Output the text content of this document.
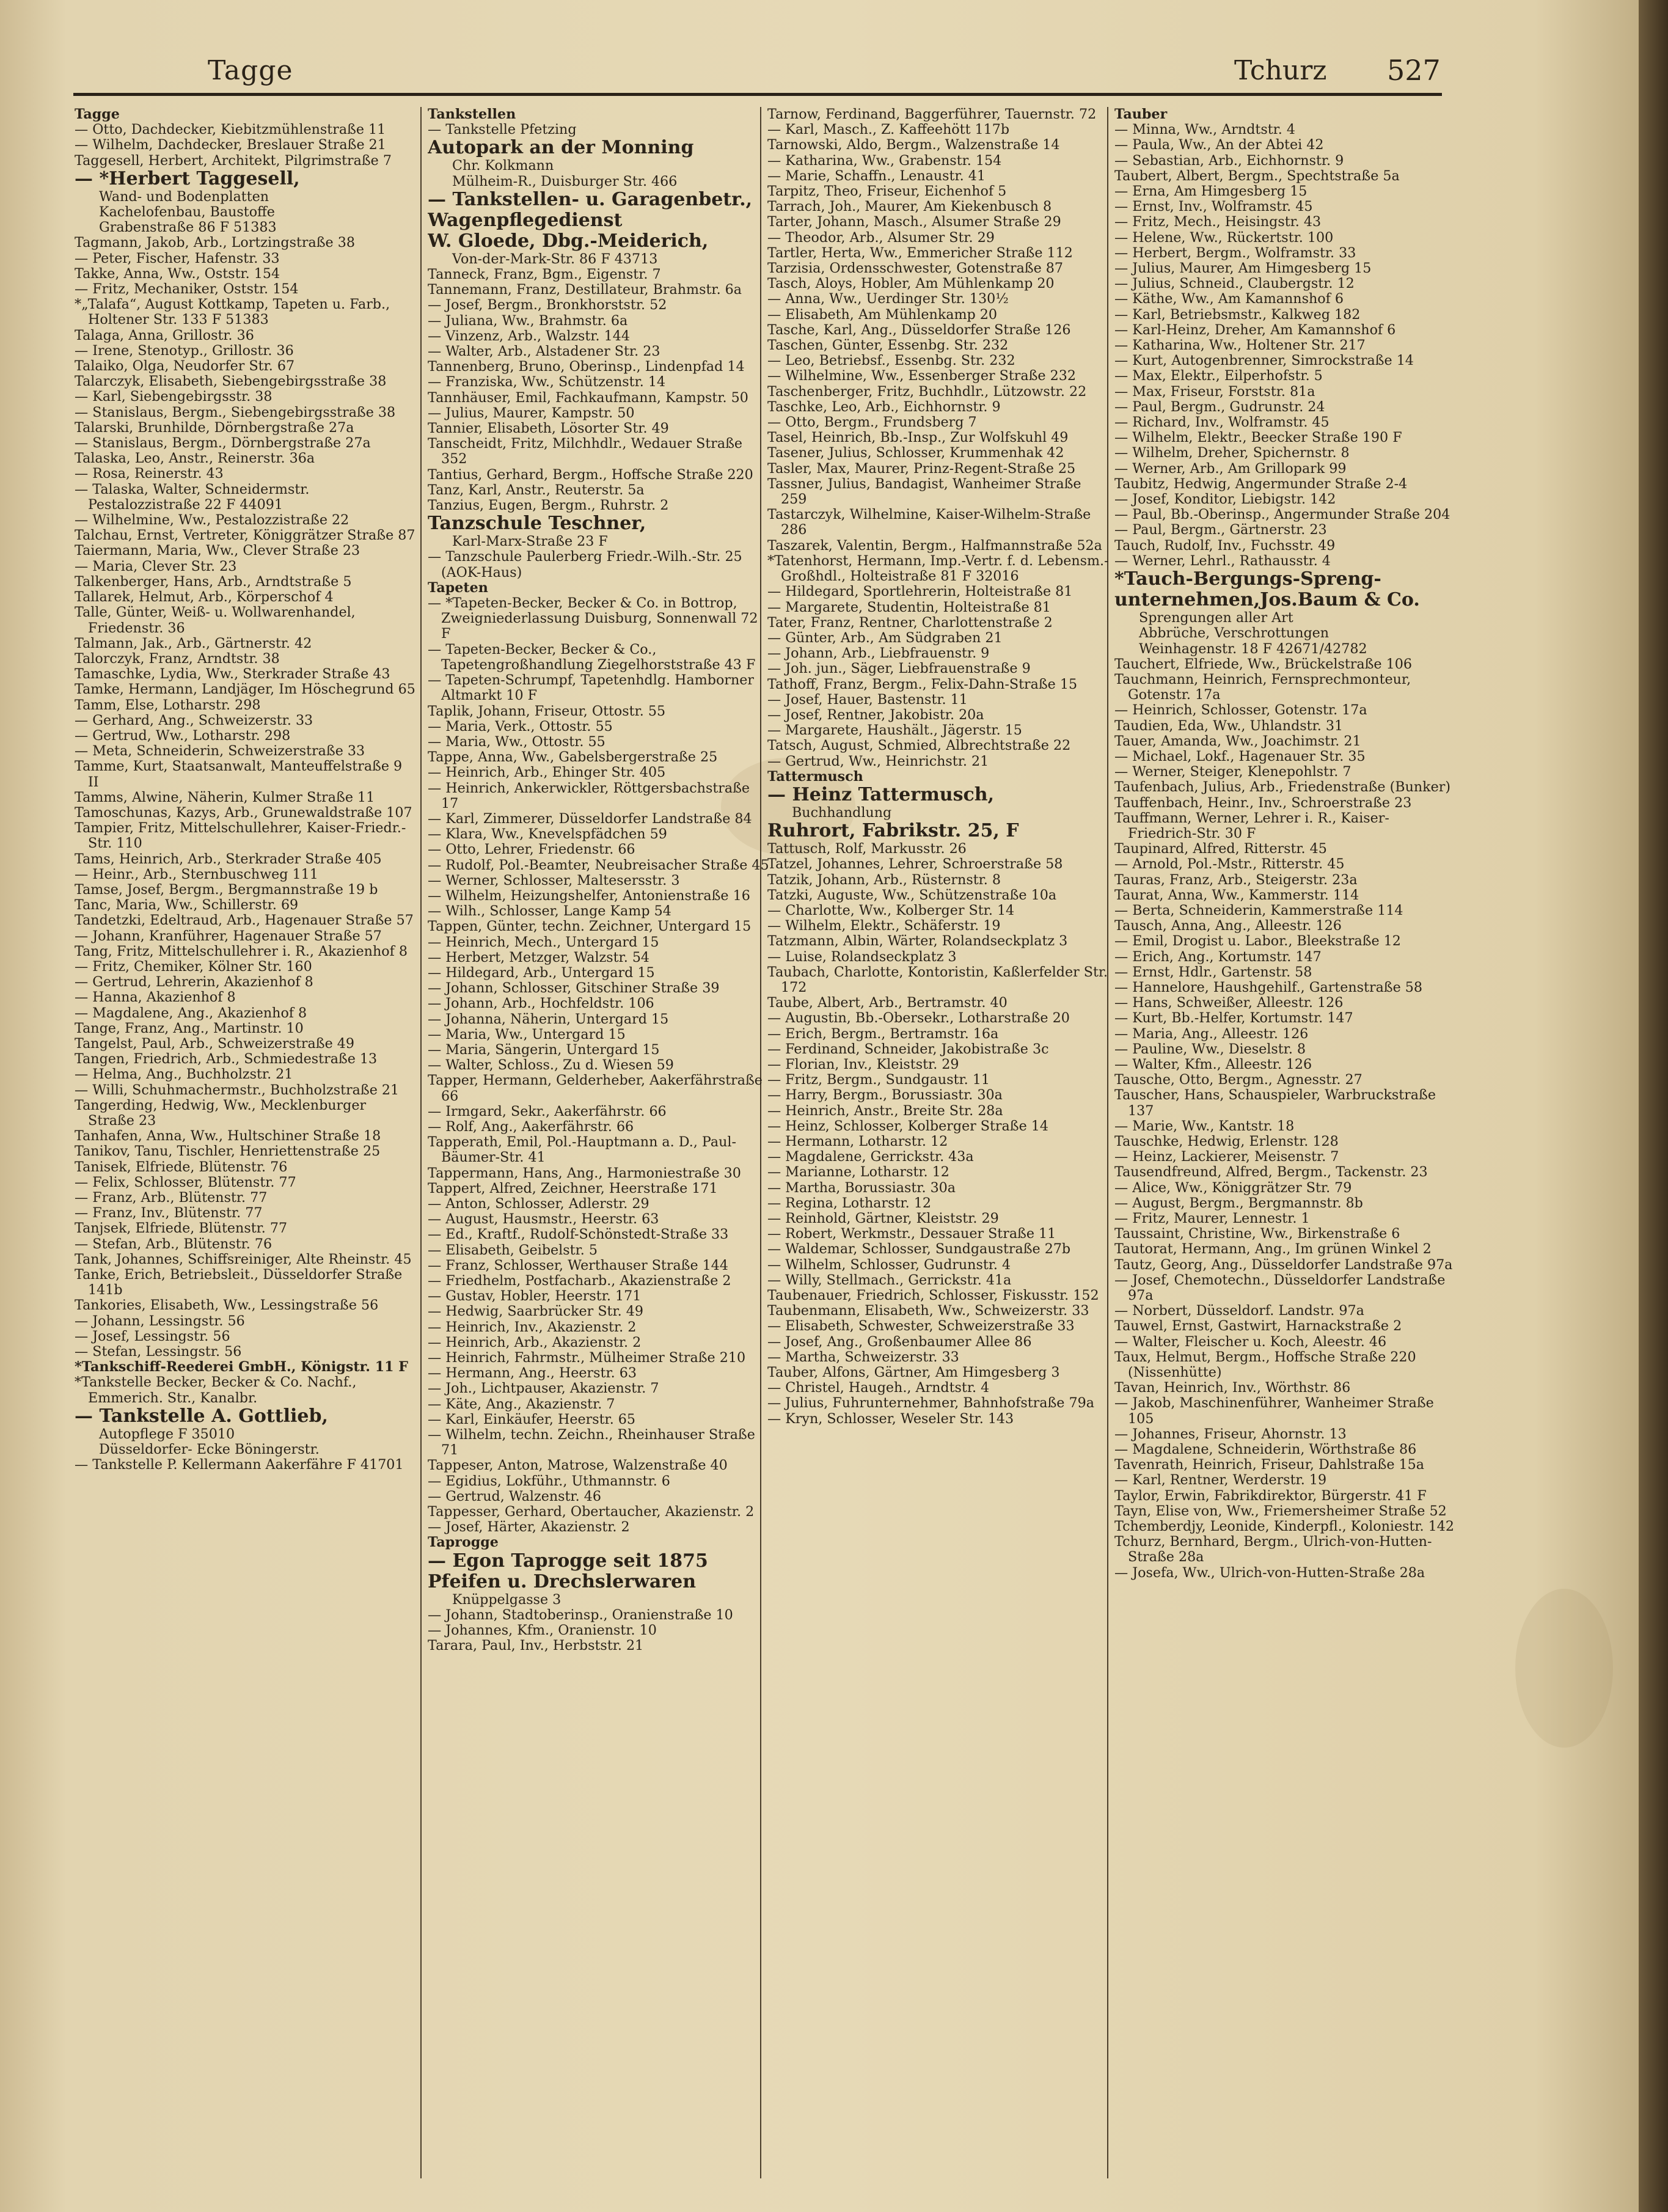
Tagge	Tchurz 527

Tagge

— Otto, Dachdecker, Kiebitzmühlenstraße 11

— Wilhelm, Dachdecker, Breslauer Straße 21

Taggesell, Herbert, Architekt, Pilgrimstraße 7

— *Herbert Taggesell,

Wand- und Bodenplatten

Kachelofenbau, Baustoffe

Grabenstraße 86 F 51383

Tagmann, Jakob, Arb., Lortzingstraße 38

— Peter, Fischer, Hafenstr. 33

Takke, Anna, Ww., Oststr. 154

— Fritz, Mechaniker, Oststr. 154

*„Talafa“, August Kottkamp, Tapeten u. Farb., Holtener Str. 133 F 51383

Talaga, Anna, Grillostr. 36

— Irene, Stenotyp., Grillostr. 36

Talaiko, Olga, Neudorfer Str. 67

Talarczyk, Elisabeth, Siebengebirgsstraße 38

— Karl, Siebengebirgsstr. 38

— Stanislaus, Bergm., Siebengebirgsstraße 38

Talarski, Brunhilde, Dörnbergstraße 27a

— Stanislaus, Bergm., Dörnbergstraße 27a

Talaska, Leo, Anstr., Reinerstr. 36a

— Rosa, Reinerstr. 43

— Talaska, Walter, Schneidermstr. Pestalozzistraße 22 F 44091

— Wilhelmine, Ww., Pestalozzistraße 22

Talchau, Ernst, Vertreter, Königgrätzer Straße 87

Taiermann, Maria, Ww., Clever Straße 23

— Maria, Clever Str. 23

Talkenberger, Hans, Arb., Arndtstraße 5

Tallarek, Helmut, Arb., Körperschof 4

Talle, Günter, Weiß- u. Wollwarenhandel, Friedenstr. 36

Talmann, Jak., Arb., Gärtnerstr. 42

Talorczyk, Franz, Arndtstr. 38

Tamaschke, Lydia, Ww., Sterkrader Straße 43

Tamke, Hermann, Landjäger, Im Höschegrund 65

Tamm, Else, Lotharstr. 298

— Gerhard, Ang., Schweizerstr. 33

— Gertrud, Ww., Lotharstr. 298

— Meta, Schneiderin, Schweizerstraße 33

Tamme, Kurt, Staatsanwalt, Manteuffelstraße 9 II

Tamms, Alwine, Näherin, Kulmer Straße 11

Tamoschunas, Kazys, Arb., Grunewaldstraße 107

Tampier, Fritz, Mittelschullehrer, Kaiser-Friedr.-Str. 110

Tams, Heinrich, Arb., Sterkrader Straße 405

— Heinr., Arb., Sternbuschweg 111

Tamse, Josef, Bergm., Bergmannstraße 19 b

Tanc, Maria, Ww., Schillerstr. 69

Tandetzki, Edeltraud, Arb., Hagenauer Straße 57

— Johann, Kranführer, Hagenauer Straße 57

Tang, Fritz, Mittelschullehrer i. R., Akazienhof 8

— Fritz, Chemiker, Kölner Str. 160

— Gertrud, Lehrerin, Akazienhof 8

— Hanna, Akazienhof 8

— Magdalene, Ang., Akazienhof 8

Tange, Franz, Ang., Martinstr. 10

Tangelst, Paul, Arb., Schweizerstraße 49

Tangen, Friedrich, Arb., Schmiedestraße 13

— Helma, Ang., Buchholzstr. 21

— Willi, Schuhmachermstr., Buchholzstraße 21

Tangerding, Hedwig, Ww., Mecklenburger Straße 23

Tanhafen, Anna, Ww., Hultschiner Straße 18

Tanikov, Tanu, Tischler, Henriettenstraße 25

Tanisek, Elfriede, Blütenstr. 76

— Felix, Schlosser, Blütenstr. 77

— Franz, Arb., Blütenstr. 77

— Franz, Inv., Blütenstr. 77

Tanjsek, Elfriede, Blütenstr. 77

— Stefan, Arb., Blütenstr. 76

Tank, Johannes, Schiffsreiniger, Alte Rheinstr. 45

Tanke, Erich, Betriebsleit., Düsseldorfer Straße 141b

Tankories, Elisabeth, Ww., Lessingstraße 56

— Johann, Lessingstr. 56

— Josef, Lessingstr. 56

— Stefan, Lessingstr. 56

*Tankschiff-Reederei GmbH., Königstr. 11 F

*Tankstelle Becker, Becker & Co. Nachf., Emmerich. Str., Kanalbr.

— Tankstelle A. Gottlieb,

Autopflege F 35010

Düsseldorfer- Ecke Böningerstr.

— Tankstelle P. Kellermann Aakerfähre F 41701

Tankstellen

— Tankstelle Pfetzing

Autopark an der Monning

Chr. Kolkmann

Mülheim-R., Duisburger Str. 466

— Tankstellen- u. Garagenbetr.,

Wagenpflegedienst

W. Gloede, Dbg.-Meiderich,

Von-der-Mark-Str. 86 F 43713

Tanneck, Franz, Bgm., Eigenstr. 7

Tannemann, Franz, Destillateur, Brahmstr. 6a

— Josef, Bergm., Bronkhorststr. 52

— Juliana, Ww., Brahmstr. 6a

— Vinzenz, Arb., Walzstr. 144

— Walter, Arb., Alstadener Str. 23

Tannenberg, Bruno, Oberinsp., Lindenpfad 14

— Franziska, Ww., Schützenstr. 14

Tannhäuser, Emil, Fachkaufmann, Kampstr. 50

— Julius, Maurer, Kampstr. 50

Tannier, Elisabeth, Lösorter Str. 49

Tanscheidt, Fritz, Milchhdlr., Wedauer Straße 352

Tantius, Gerhard, Bergm., Hoffsche Straße 220

Tanz, Karl, Anstr., Reuterstr. 5a

Tanzius, Eugen, Bergm., Ruhrstr. 2

Tanzschule Teschner,

Karl-Marx-Straße 23 F

— Tanzschule Paulerberg Friedr.-Wilh.-Str. 25 (AOK-Haus)

Tapeten

— *Tapeten-Becker, Becker & Co. in Bottrop, Zweigniederlassung Duisburg, Sonnenwall 72 F

— Tapeten-Becker, Becker & Co., Tapetengroßhandlung Ziegelhorststraße 43 F

— Tapeten-Schrumpf, Tapetenhdlg. Hamborner Altmarkt 10 F

Taplik, Johann, Friseur, Ottostr. 55

— Maria, Verk., Ottostr. 55

— Maria, Ww., Ottostr. 55

Tappe, Anna, Ww., Gabelsbergerstraße 25

— Heinrich, Arb., Ehinger Str. 405

— Heinrich, Ankerwickler, Röttgersbachstraße 17

— Karl, Zimmerer, Düsseldorfer Landstraße 84

— Klara, Ww., Knevelspfädchen 59

— Otto, Lehrer, Friedenstr. 66

— Rudolf, Pol.-Beamter, Neubreisacher Straße 45

— Werner, Schlosser, Maltesersstr. 3

— Wilhelm, Heizungshelfer, Antonienstraße 16

— Wilh., Schlosser, Lange Kamp 54

Tappen, Günter, techn. Zeichner, Untergard 15

— Heinrich, Mech., Untergard 15

— Herbert, Metzger, Walzstr. 54

— Hildegard, Arb., Untergard 15

— Johann, Schlosser, Gitschiner Straße 39

— Johann, Arb., Hochfeldstr. 106

— Johanna, Näherin, Untergard 15

— Maria, Ww., Untergard 15

— Maria, Sängerin, Untergard 15

— Walter, Schloss., Zu d. Wiesen 59

Tapper, Hermann, Gelderheber, Aakerfährstraße 66

— Irmgard, Sekr., Aakerfährstr. 66

— Rolf, Ang., Aakerfährstr. 66

Tapperath, Emil, Pol.-Hauptmann a. D., Paul-Bäumer-Str. 41

Tappermann, Hans, Ang., Harmoniestraße 30

Tappert, Alfred, Zeichner, Heerstraße 171

— Anton, Schlosser, Adlerstr. 29

— August, Hausmstr., Heerstr. 63

— Ed., Kraftf., Rudolf-Schönstedt-Straße 33

— Elisabeth, Geibelstr. 5

— Franz, Schlosser, Werthauser Straße 144

— Friedhelm, Postfacharb., Akazienstraße 2

— Gustav, Hobler, Heerstr. 171

— Hedwig, Saarbrücker Str. 49

— Heinrich, Inv., Akazienstr. 2

— Heinrich, Arb., Akazienstr. 2

— Heinrich, Fahrmstr., Mülheimer Straße 210

— Hermann, Ang., Heerstr. 63

— Joh., Lichtpauser, Akazienstr. 7

— Käte, Ang., Akazienstr. 7

— Karl, Einkäufer, Heerstr. 65

— Wilhelm, techn. Zeichn., Rheinhauser Straße 71

Tappeser, Anton, Matrose, Walzenstraße 40

— Egidius, Lokführ., Uthmannstr. 6

— Gertrud, Walzenstr. 46

Tappesser, Gerhard, Obertaucher, Akazienstr. 2

— Josef, Härter, Akazienstr. 2

Taprogge

— Egon Taprogge seit 1875

Pfeifen u. Drechslerwaren

Knüppelgasse 3

— Johann, Stadtoberinsp., Oranienstraße 10

— Johannes, Kfm., Oranienstr. 10

Tarara, Paul, Inv., Herbststr. 21

Tarnow, Ferdinand, Baggerführer, Tauernstr. 72

— Karl, Masch., Z. Kaffeehött 117b

Tarnowski, Aldo, Bergm., Walzenstraße 14

— Katharina, Ww., Grabenstr. 154

— Marie, Schaffn., Lenaustr. 41

Tarpitz, Theo, Friseur, Eichenhof 5

Tarrach, Joh., Maurer, Am Kiekenbusch 8

Tarter, Johann, Masch., Alsumer Straße 29

— Theodor, Arb., Alsumer Str. 29

Tartler, Herta, Ww., Emmericher Straße 112

Tarzisia, Ordensschwester, Gotenstraße 87

Tasch, Aloys, Hobler, Am Mühlenkamp 20

— Anna, Ww., Uerdinger Str. 130½

— Elisabeth, Am Mühlenkamp 20

Tasche, Karl, Ang., Düsseldorfer Straße 126

Taschen, Günter, Essenbg. Str. 232

— Leo, Betriebsf., Essenbg. Str. 232

— Wilhelmine, Ww., Essenberger Straße 232

Taschenberger, Fritz, Buchhdlr., Lützowstr. 22

Taschke, Leo, Arb., Eichhornstr. 9

— Otto, Bergm., Frundsberg 7

Tasel, Heinrich, Bb.-Insp., Zur Wolfskuhl 49

Tasener, Julius, Schlosser, Krummenhak 42

Tasler, Max, Maurer, Prinz-Regent-Straße 25

Tassner, Julius, Bandagist, Wanheimer Straße 259

Tastarczyk, Wilhelmine, Kaiser-Wilhelm-Straße 286

Taszarek, Valentin, Bergm., Halfmannstraße 52a

*Tatenhorst, Hermann, Imp.-Vertr. f. d. Lebensm.-Großhdl., Holteistraße 81 F 32016

— Hildegard, Sportlehrerin, Holteistraße 81

— Margarete, Studentin, Holteistraße 81

Tater, Franz, Rentner, Charlottenstraße 2

— Günter, Arb., Am Südgraben 21

— Johann, Arb., Liebfrauenstr. 9

— Joh. jun., Säger, Liebfrauenstraße 9

Tathoff, Franz, Bergm., Felix-Dahn-Straße 15

— Josef, Hauer, Bastenstr. 11

— Josef, Rentner, Jakobistr. 20a

— Margarete, Haushält., Jägerstr. 15

Tatsch, August, Schmied, Albrechtstraße 22

— Gertrud, Ww., Heinrichstr. 21

Tattermusch

— Heinz Tattermusch,

Buchhandlung

Ruhrort, Fabrikstr. 25, F

Tattusch, Rolf, Markusstr. 26

Tatzel, Johannes, Lehrer, Schroerstraße 58

Tatzik, Johann, Arb., Rüsternstr. 8

Tatzki, Auguste, Ww., Schützenstraße 10a

— Charlotte, Ww., Kolberger Str. 14

— Wilhelm, Elektr., Schäferstr. 19

Tatzmann, Albin, Wärter, Rolandseckplatz 3

— Luise, Rolandseckplatz 3

Taubach, Charlotte, Kontoristin, Kaßlerfelder Str. 172

Taube, Albert, Arb., Bertramstr. 40

— Augustin, Bb.-Obersekr., Lotharstraße 20

— Erich, Bergm., Bertramstr. 16a

— Ferdinand, Schneider, Jakobistraße 3c

— Florian, Inv., Kleiststr. 29

— Fritz, Bergm., Sundgaustr. 11

— Harry, Bergm., Borussiastr. 30a

— Heinrich, Anstr., Breite Str. 28a

— Heinz, Schlosser, Kolberger Straße 14

— Hermann, Lotharstr. 12

— Magdalene, Gerrickstr. 43a

— Marianne, Lotharstr. 12

— Martha, Borussiastr. 30a

— Regina, Lotharstr. 12

— Reinhold, Gärtner, Kleiststr. 29

— Robert, Werkmstr., Dessauer Straße 11

— Waldemar, Schlosser, Sundgaustraße 27b

— Wilhelm, Schlosser, Gudrunstr. 4

— Willy, Stellmach., Gerrickstr. 41a

Taubenauer, Friedrich, Schlosser, Fiskusstr. 152

Taubenmann, Elisabeth, Ww., Schweizerstr. 33

— Elisabeth, Schwester, Schweizerstraße 33

— Josef, Ang., Großenbaumer Allee 86

— Martha, Schweizerstr. 33

Tauber, Alfons, Gärtner, Am Himgesberg 3

— Christel, Haugeh., Arndtstr. 4

— Julius, Fuhrunternehmer, Bahnhofstraße 79a

— Kryn, Schlosser, Weseler Str. 143

Tauber

— Minna, Ww., Arndtstr. 4

— Paula, Ww., An der Abtei 42

— Sebastian, Arb., Eichhornstr. 9

Taubert, Albert, Bergm., Spechtstraße 5a

— Erna, Am Himgesberg 15

— Ernst, Inv., Wolframstr. 45

— Fritz, Mech., Heisingstr. 43

— Helene, Ww., Rückertstr. 100

— Herbert, Bergm., Wolframstr. 33

— Julius, Maurer, Am Himgesberg 15

— Julius, Schneid., Claubergstr. 12

— Käthe, Ww., Am Kamannshof 6

— Karl, Betriebsmstr., Kalkweg 182

— Karl-Heinz, Dreher, Am Kamannshof 6

— Katharina, Ww., Holtener Str. 217

— Kurt, Autogenbrenner, Simrockstraße 14

— Max, Elektr., Eilperhofstr. 5

— Max, Friseur, Forststr. 81a

— Paul, Bergm., Gudrunstr. 24

— Richard, Inv., Wolframstr. 45

— Wilhelm, Elektr., Beecker Straße 190 F

— Wilhelm, Dreher, Spichernstr. 8

— Werner, Arb., Am Grillopark 99

Taubitz, Hedwig, Angermunder Straße 2-4

— Josef, Konditor, Liebigstr. 142

— Paul, Bb.-Oberinsp., Angermunder Straße 204

— Paul, Bergm., Gärtnerstr. 23

Tauch, Rudolf, Inv., Fuchsstr. 49

— Werner, Lehrl., Rathausstr. 4

*Tauch-Bergungs-Spreng-

unternehmen,Jos.Baum & Co.

Sprengungen aller Art

Abbrüche, Verschrottungen

Weinhagenstr. 18 F 42671/42782

Tauchert, Elfriede, Ww., Brückelstraße 106

Tauchmann, Heinrich, Fernsprechmonteur, Gotenstr. 17a

— Heinrich, Schlosser, Gotenstr. 17a

Taudien, Eda, Ww., Uhlandstr. 31

Tauer, Amanda, Ww., Joachimstr. 21

— Michael, Lokf., Hagenauer Str. 35

— Werner, Steiger, Klenepohlstr. 7

Taufenbach, Julius, Arb., Friedenstraße (Bunker)

Tauffenbach, Heinr., Inv., Schroerstraße 23

Tauffmann, Werner, Lehrer i. R., Kaiser-Friedrich-Str. 30 F

Taupinard, Alfred, Ritterstr. 45

— Arnold, Pol.-Mstr., Ritterstr. 45

Tauras, Franz, Arb., Steigerstr. 23a

Taurat, Anna, Ww., Kammerstr. 114

— Berta, Schneiderin, Kammerstraße 114

Tausch, Anna, Ang., Alleestr. 126

— Emil, Drogist u. Labor., Bleekstraße 12

— Erich, Ang., Kortumstr. 147

— Ernst, Hdlr., Gartenstr. 58

— Hannelore, Haushgehilf., Gartenstraße 58

— Hans, Schweißer, Alleestr. 126

— Kurt, Bb.-Helfer, Kortumstr. 147

— Maria, Ang., Alleestr. 126

— Pauline, Ww., Dieselstr. 8

— Walter, Kfm., Alleestr. 126

Tausche, Otto, Bergm., Agnesstr. 27

Tauscher, Hans, Schauspieler, Warbruckstraße 137

— Marie, Ww., Kantstr. 18

Tauschke, Hedwig, Erlenstr. 128

— Heinz, Lackierer, Meisenstr. 7

Tausendfreund, Alfred, Bergm., Tackenstr. 23

— Alice, Ww., Königgrätzer Str. 79

— August, Bergm., Bergmannstr. 8b

— Fritz, Maurer, Lennestr. 1

Taussaint, Christine, Ww., Birkenstraße 6

Tautorat, Hermann, Ang., Im grünen Winkel 2

Tautz, Georg, Ang., Düsseldorfer Landstraße 97a

— Josef, Chemotechn., Düsseldorfer Landstraße 97a

— Norbert, Düsseldorf. Landstr. 97a

Tauwel, Ernst, Gastwirt, Harnackstraße 2

— Walter, Fleischer u. Koch, Aleestr. 46

Taux, Helmut, Bergm., Hoffsche Straße 220 (Nissenhütte)

Tavan, Heinrich, Inv., Wörthstr. 86

— Jakob, Maschinenführer, Wanheimer Straße 105

— Johannes, Friseur, Ahornstr. 13

— Magdalene, Schneiderin, Wörthstraße 86

Tavenrath, Heinrich, Friseur, Dahlstraße 15a

— Karl, Rentner, Werderstr. 19

Taylor, Erwin, Fabrikdirektor, Bürgerstr. 41 F

Tayn, Elise von, Ww., Friemersheimer Straße 52

Tchemberdjy, Leonide, Kinderpfl., Koloniestr. 142

Tchurz, Bernhard, Bergm., Ulrich-von-Hutten-Straße 28a

— Josefa, Ww., Ulrich-von-Hutten-Straße 28a
